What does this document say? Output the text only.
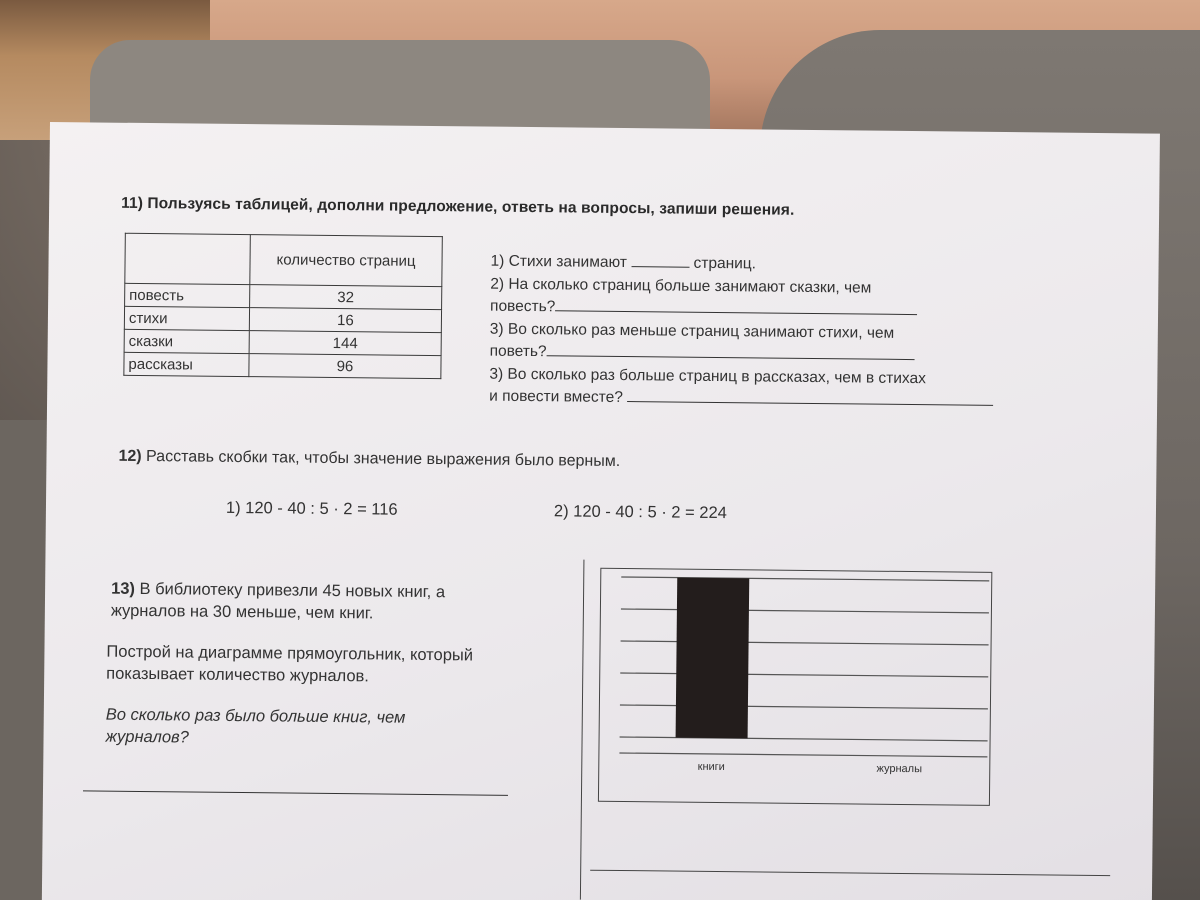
11) Пользуясь таблицей, дополни предложение, ответь на вопросы, запиши решения.
	количество страниц
повесть	32
стихи	16
сказки	144
рассказы	96
1) Стихи занимают	страниц.
2) На сколько страниц больше занимают сказки, чем
повесть?
3) Во сколько раз меньше страниц занимают стихи, чем
поветь?
3) Во сколько раз больше страниц в рассказах, чем в стихах
и повести вместе?
12) Расставь скобки так, чтобы значение выражения было верным.
1) 120 - 40 : 5 · 2 = 116	2) 120 - 40 : 5 · 2 = 224
13) В библиотеку привезли 45 новых книг, а
журналов на 30 меньше, чем книг.
Построй на диаграмме прямоугольник, который
показывает количество журналов.
Во сколько раз было больше книг, чем
журналов?
книги	журналы
